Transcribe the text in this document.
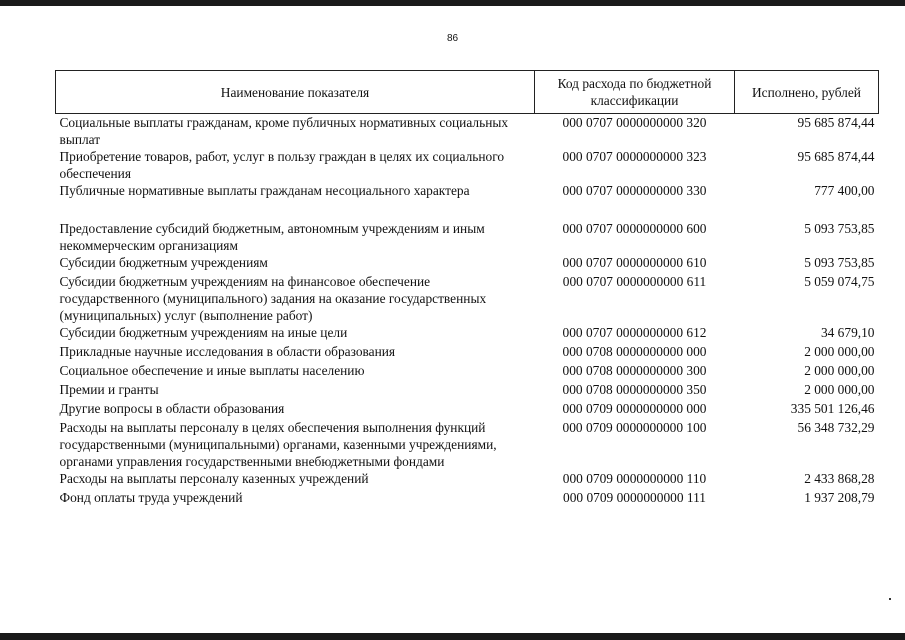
86
Наименование показателя	Код расхода по бюджетной классификации	Исполнено, рублей
Социальные выплаты гражданам, кроме публичных нормативных социальных выплат	000 0707 0000000000 320	95 685 874,44
Приобретение товаров, работ, услуг в пользу граждан в целях их социального обеспечения	000 0707 0000000000 323	95 685 874,44
Публичные нормативные выплаты гражданам несоциального характера	000 0707 0000000000 330	777 400,00

Предоставление субсидий бюджетным, автономным учреждениям и иным некоммерческим организациям	000 0707 0000000000 600	5 093 753,85
Субсидии бюджетным учреждениям	000 0707 0000000000 610	5 093 753,85
Субсидии бюджетным учреждениям на финансовое обеспечение государственного (муниципального) задания на оказание государственных (муниципальных) услуг (выполнение работ)	000 0707 0000000000 611	5 059 074,75
Субсидии бюджетным учреждениям на иные цели	000 0707 0000000000 612	34 679,10
Прикладные научные исследования в области образования	000 0708 0000000000 000	2 000 000,00
Социальное обеспечение и иные выплаты населению	000 0708 0000000000 300	2 000 000,00
Премии и гранты	000 0708 0000000000 350	2 000 000,00
Другие вопросы в области образования	000 0709 0000000000 000	335 501 126,46
Расходы на выплаты персоналу в целях обеспечения выполнения функций государственными (муниципальными) органами, казенными учреждениями, органами управления государственными внебюджетными фондами	000 0709 0000000000 100	56 348 732,29
Расходы на выплаты персоналу казенных учреждений	000 0709 0000000000 110	2 433 868,28
Фонд оплаты труда учреждений	000 0709 0000000000 111	1 937 208,79
